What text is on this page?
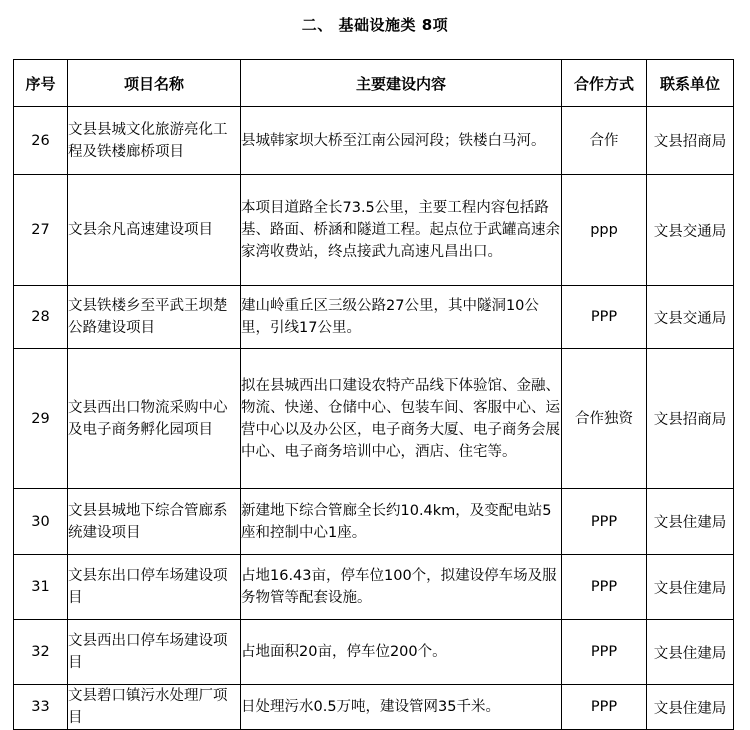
二、 基础设施类 8项
序号	项目名称	主要建设内容	合作方式	联系单位
26	文县县城文化旅游亮化工程及铁楼廊桥项目	县城韩家坝大桥至江南公园河段；铁楼白马河。	合作	文县招商局
27	文县余凡高速建设项目	本项目道路全长73.5公里，主要工程内容包括路基、路面、桥涵和隧道工程。起点位于武罐高速余家湾收费站，终点接武九高速凡昌出口。	ppp	文县交通局
28	文县铁楼乡至平武王坝楚公路建设项目	建山岭重丘区三级公路27公里，其中隧洞10公里，引线17公里。	PPP	文县交通局
29	文县西出口物流采购中心及电子商务孵化园项目	拟在县城西出口建设农特产品线下体验馆、金融、物流、快递、仓储中心、包装车间、客服中心、运营中心以及办公区，电子商务大厦、电子商务会展中心、电子商务培训中心，酒店、住宅等。	合作独资	文县招商局
30	文县县城地下综合管廊系统建设项目	新建地下综合管廊全长约10.4km，及变配电站5座和控制中心1座。	PPP	文县住建局
31	文县东出口停车场建设项目	占地16.43亩，停车位100个，拟建设停车场及服务物管等配套设施。	PPP	文县住建局
32	文县西出口停车场建设项目	占地面积20亩，停车位200个。	PPP	文县住建局
33	文县碧口镇污水处理厂项目	日处理污水0.5万吨，建设管网35千米。	PPP	文县住建局
